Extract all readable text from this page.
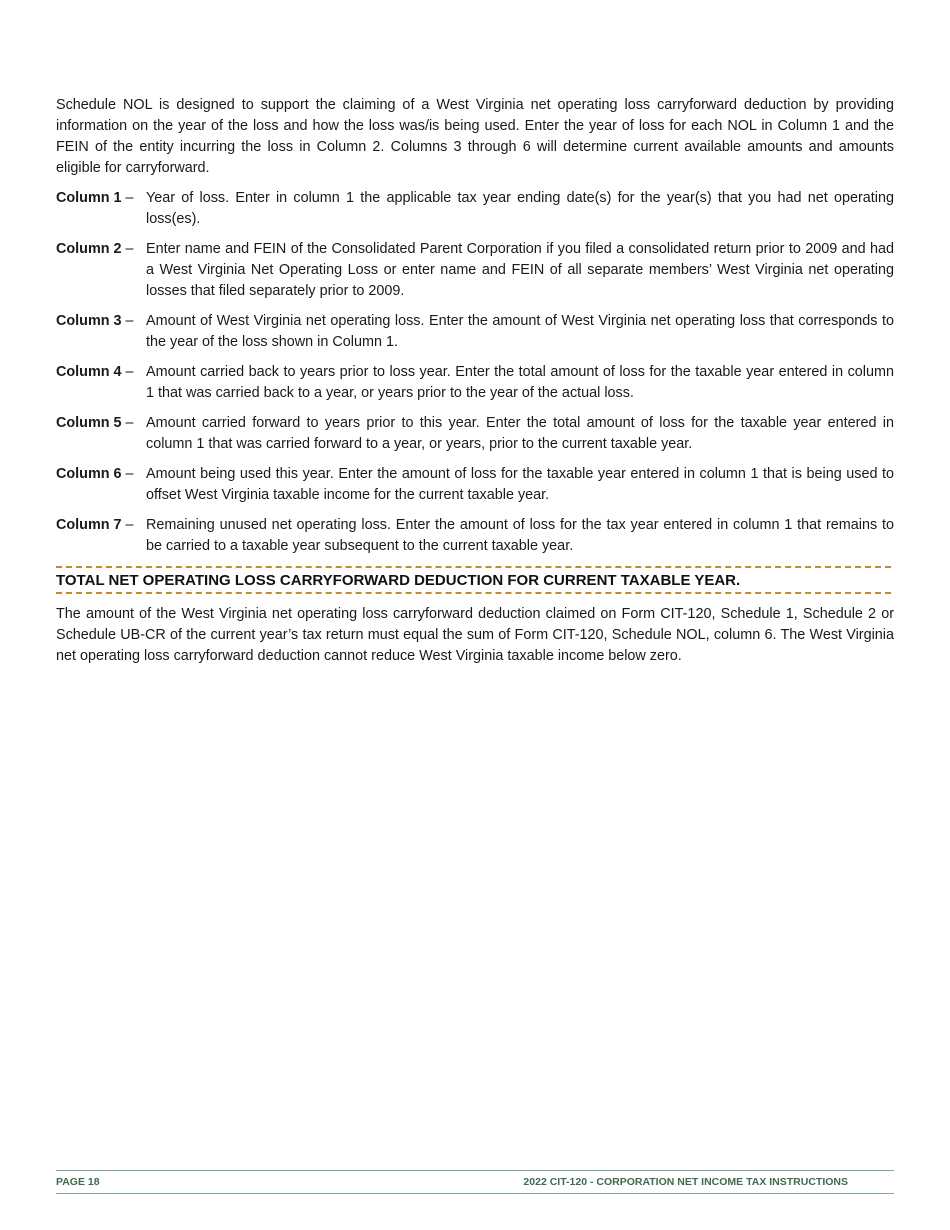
Schedule NOL is designed to support the claiming of a West Virginia net operating loss carryforward deduction by providing information on the year of the loss and how the loss was/is being used. Enter the year of loss for each NOL in Column 1 and the FEIN of the entity incurring the loss in Column 2. Columns 3 through 6 will determine current available amounts and amounts eligible for carryforward.

Column 1 – Year of loss. Enter in column 1 the applicable tax year ending date(s) for the year(s) that you had net operating loss(es).
Column 2 – Enter name and FEIN of the Consolidated Parent Corporation if you filed a consolidated return prior to 2009 and had a West Virginia Net Operating Loss or enter name and FEIN of all separate members’ West Virginia net operating losses that filed separately prior to 2009.
Column 3 – Amount of West Virginia net operating loss. Enter the amount of West Virginia net operating loss that corresponds to the year of the loss shown in Column 1.
Column 4 – Amount carried back to years prior to loss year. Enter the total amount of loss for the taxable year entered in column 1 that was carried back to a year, or years prior to the year of the actual loss.
Column 5 – Amount carried forward to years prior to this year. Enter the total amount of loss for the taxable year entered in column 1 that was carried forward to a year, or years, prior to the current taxable year.
Column 6 – Amount being used this year. Enter the amount of loss for the taxable year entered in column 1 that is being used to offset West Virginia taxable income for the current taxable year.
Column 7 – Remaining unused net operating loss. Enter the amount of loss for the tax year entered in column 1 that remains to be carried to a taxable year subsequent to the current taxable year.
TOTAL NET OPERATING LOSS CARRYFORWARD DEDUCTION FOR CURRENT TAXABLE YEAR.

The amount of the West Virginia net operating loss carryforward deduction claimed on Form CIT-120, Schedule 1, Schedule 2 or Schedule UB-CR of the current year’s tax return must equal the sum of Form CIT-120, Schedule NOL, column 6. The West Virginia net operating loss carryforward deduction cannot reduce West Virginia taxable income below zero.

PAGE 18	2022 CIT-120 - CORPORATION NET INCOME TAX INSTRUCTIONS
